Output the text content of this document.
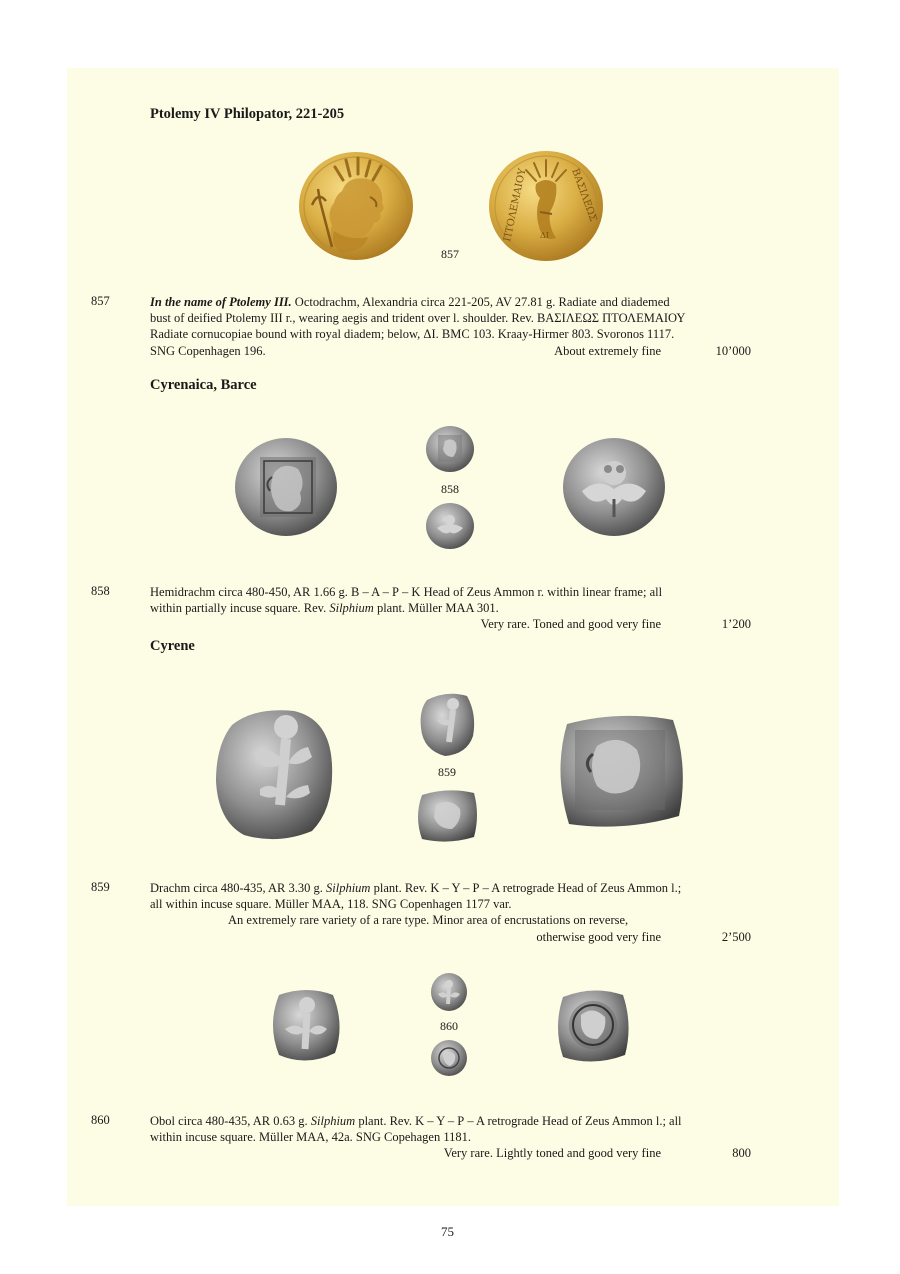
Ptolemy IV Philopator, 221-205
ΠΤΟΛΕΜΑΙΟΥ	ΒΑΣΙΛΕΩΣ
ΔΙ
857
857	In the name of Ptolemy III. Octodrachm, Alexandria circa 221-205, AV 27.81 g. Radiate and diademed
bust of deified Ptolemy III r., wearing aegis and trident over l. shoulder. Rev. ΒΑΣΙΛΕΩΣ ΠΤΟΛΕΜΑΙΟΥ
Radiate cornucopiae bound with royal diadem; below, ΔΙ. BMC 103. Kraay-Hirmer 803. Svoronos 1117.
SNG Copenhagen 196.	About extremely fine	10’000
Cyrenaica, Barce
858
858	Hemidrachm circa 480-450, AR 1.66 g. Β – Α – Ρ – Κ Head of Zeus Ammon r. within linear frame; all
within partially incuse square. Rev. Silphium plant. Müller MAA 301.
Very rare. Toned and good very fine	1’200
Cyrene
859
859	Drachm circa 480-435, AR 3.30 g. Silphium plant. Rev. Κ – Υ – Ρ – Α retrograde Head of Zeus Ammon l.;
all within incuse square. Müller MAA, 118. SNG Copenhagen 1177 var.
An extremely rare variety of a rare type. Minor area of encrustations on reverse,
otherwise good very fine	2’500
860
860	Obol circa 480-435, AR 0.63 g. Silphium plant. Rev. Κ – Υ – Ρ – Α retrograde Head of Zeus Ammon l.; all
within incuse square. Müller MAA, 42a. SNG Copehagen 1181.
Very rare. Lightly toned and good very fine	800
75
